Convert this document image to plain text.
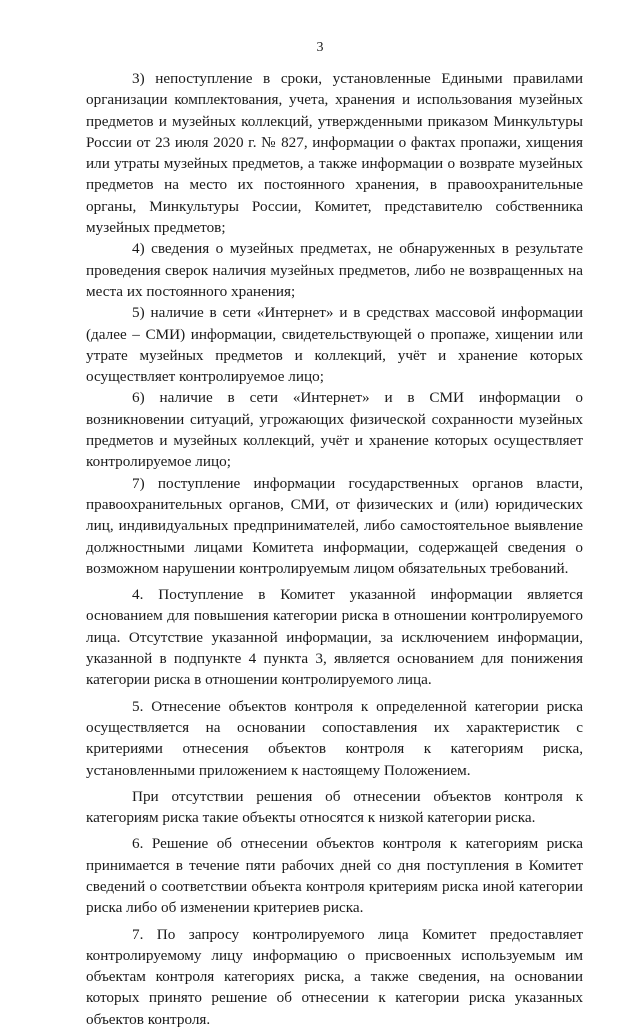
3

3) непоступление в сроки, установленные Едиными правилами организации комплектования, учета, хранения и использования музейных предметов и музейных коллекций, утвержденными приказом Минкультуры России от 23 июля 2020 г. № 827, информации о фактах пропажи, хищения или утраты музейных предметов, а также информации о возврате музейных предметов на место их постоянного хранения, в правоохранительные органы, Минкультуры России, Комитет, представителю собственника музейных предметов;

4) сведения о музейных предметах, не обнаруженных в результате проведения сверок наличия музейных предметов, либо не возвращенных на места их постоянного хранения;

5) наличие в сети «Интернет» и в средствах массовой информации (далее – СМИ) информации, свидетельствующей о пропаже, хищении или утрате музейных предметов и коллекций, учёт и хранение которых осуществляет контролируемое лицо;

6) наличие в сети «Интернет» и в СМИ информации о возникновении ситуаций, угрожающих физической сохранности музейных предметов и музейных коллекций, учёт и хранение которых осуществляет контролируемое лицо;

7) поступление информации государственных органов власти, правоохранительных органов, СМИ, от физических и (или) юридических лиц, индивидуальных предпринимателей, либо самостоятельное выявление должностными лицами Комитета информации, содержащей сведения о возможном нарушении контролируемым лицом обязательных требований.

4. Поступление в Комитет указанной информации является основанием для повышения категории риска в отношении контролируемого лица. Отсутствие указанной информации, за исключением информации, указанной в подпункте 4 пункта 3, является основанием для понижения категории риска в отношении контролируемого лица.

5. Отнесение объектов контроля к определенной категории риска осуществляется на основании сопоставления их характеристик с критериями отнесения объектов контроля к категориям риска, установленными приложением к настоящему Положением.

При отсутствии решения об отнесении объектов контроля к категориям риска такие объекты относятся к низкой категории риска.

6. Решение об отнесении объектов контроля к категориям риска принимается в течение пяти рабочих дней со дня поступления в Комитет сведений о соответствии объекта контроля критериям риска иной категории риска либо об изменении критериев риска.

7. По запросу контролируемого лица Комитет предоставляет контролируемому лицу информацию о присвоенных используемым им объектам контроля категориях риска, а также сведения, на основании которых принято решение об отнесении к категории риска указанных объектов контроля.
